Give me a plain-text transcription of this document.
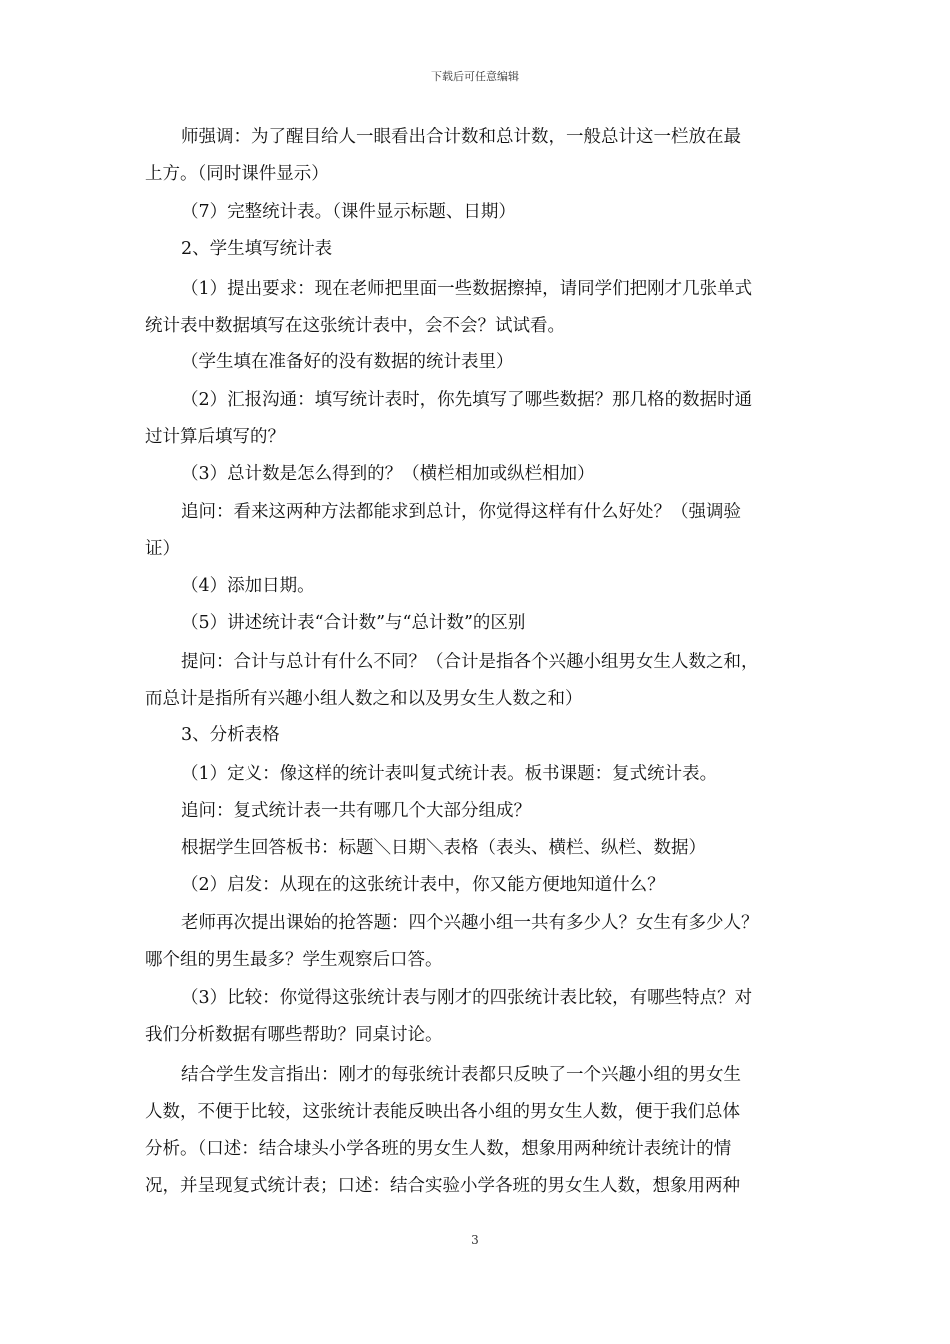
下载后可任意编辑
师强调：为了醒目给人一眼看出合计数和总计数，一般总计这一栏放在最
上方。（同时课件显示）
（7）完整统计表。（课件显示标题、日期）
2、学生填写统计表
（1）提出要求：现在老师把里面一些数据擦掉，请同学们把刚才几张单式
统计表中数据填写在这张统计表中，会不会？试试看。
（学生填在准备好的没有数据的统计表里）
（2）汇报沟通：填写统计表时，你先填写了哪些数据？那几格的数据时通
过计算后填写的？
（3）总计数是怎么得到的？（横栏相加或纵栏相加）
追问：看来这两种方法都能求到总计，你觉得这样有什么好处？（强调验
证）
（4）添加日期。
（5）讲述统计表“合计数”与“总计数”的区别
提问：合计与总计有什么不同？（合计是指各个兴趣小组男女生人数之和，
而总计是指所有兴趣小组人数之和以及男女生人数之和）
3、分析表格
（1）定义：像这样的统计表叫复式统计表。板书课题：复式统计表。
追问：复式统计表一共有哪几个大部分组成？
根据学生回答板书：标题＼日期＼表格（表头、横栏、纵栏、数据）
（2）启发：从现在的这张统计表中，你又能方便地知道什么？
老师再次提出课始的抢答题：四个兴趣小组一共有多少人？女生有多少人？
哪个组的男生最多？学生观察后口答。
（3）比较：你觉得这张统计表与刚才的四张统计表比较，有哪些特点？对
我们分析数据有哪些帮助？同桌讨论。
结合学生发言指出：刚才的每张统计表都只反映了一个兴趣小组的男女生
人数，不便于比较，这张统计表能反映出各小组的男女生人数，便于我们总体
分析。（口述：结合埭头小学各班的男女生人数，想象用两种统计表统计的情
况，并呈现复式统计表；口述：结合实验小学各班的男女生人数，想象用两种
3
